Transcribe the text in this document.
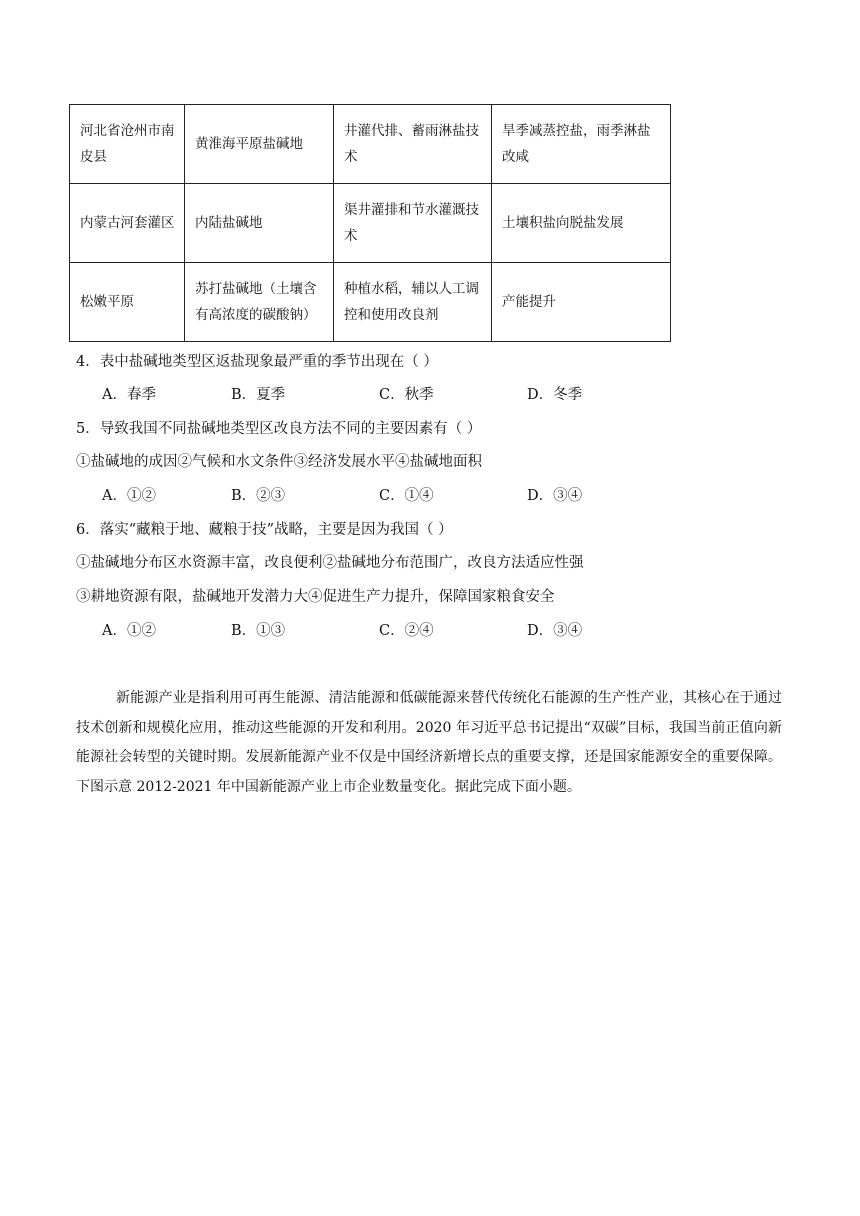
河北省沧州市南皮县	黄淮海平原盐碱地	井灌代排、蓄雨淋盐技术	旱季减蒸控盐，雨季淋盐改咸
内蒙古河套灌区	内陆盐碱地	渠井灌排和节水灌溉技术	土壤积盐向脱盐发展
松嫩平原	苏打盐碱地（土壤含有高浓度的碳酸钠）	种植水稻，辅以人工调控和使用改良剂	产能提升
4．表中盐碱地类型区返盐现象最严重的季节出现在（ ）
A．春季	B．夏季	C．秋季	D．冬季
5．导致我国不同盐碱地类型区改良方法不同的主要因素有（ ）
①盐碱地的成因②气候和水文条件③经济发展水平④盐碱地面积
A．①②	B．②③	C．①④	D．③④
6．落实“藏粮于地、藏粮于技”战略，主要是因为我国（ ）
①盐碱地分布区水资源丰富，改良便利②盐碱地分布范围广，改良方法适应性强
③耕地资源有限，盐碱地开发潜力大④促进生产力提升，保障国家粮食安全
A．①②	B．①③	C．②④	D．③④
新能源产业是指利用可再生能源、清洁能源和低碳能源来替代传统化石能源的生产性产业，其核心在于通过技术创新和规模化应用，推动这些能源的开发和利用。2020 年习近平总书记提出“双碳”目标，我国当前正值向新能源社会转型的关键时期。发展新能源产业不仅是中国经济新增长点的重要支撑，还是国家能源安全的重要保障。下图示意 2012-2021 年中国新能源产业上市企业数量变化。据此完成下面小题。
